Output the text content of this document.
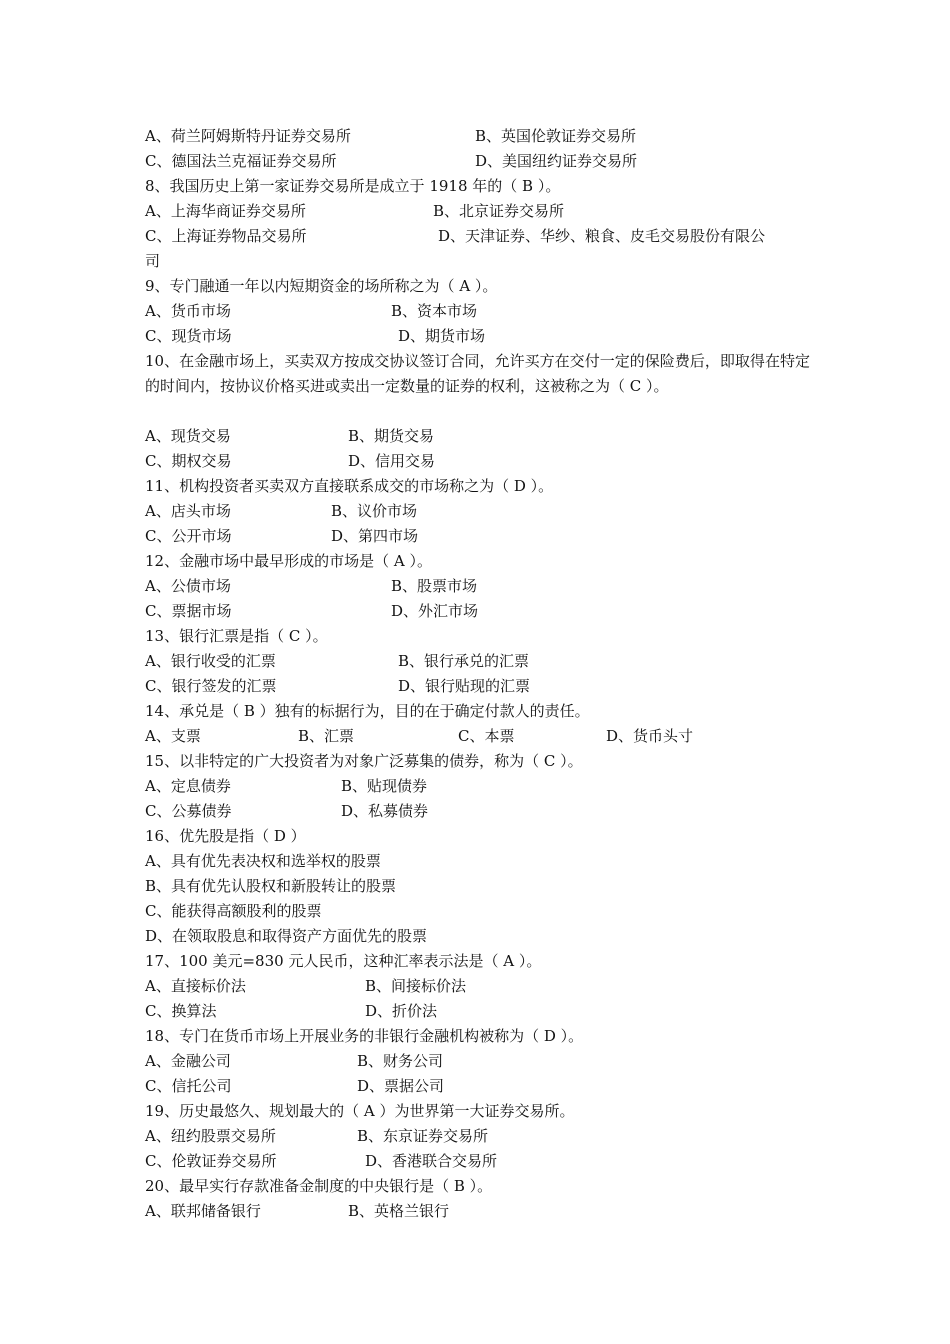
A、荷兰阿姆斯特丹证券交易所	B、英国伦敦证券交易所
C、德国法兰克福证券交易所	D、美国纽约证券交易所
8、我国历史上第一家证券交易所是成立于 1918 年的（ B ）。
A、上海华商证券交易所	B、北京证券交易所
C、上海证券物品交易所	D、天津证券、华纱、粮食、皮毛交易股份有限公
司
9、专门融通一年以内短期资金的场所称之为（ A ）。
A、货币市场	B、资本市场
C、现货市场	D、期货市场
10、在金融市场上，买卖双方按成交协议签订合同，允许买方在交付一定的保险费后，即取得在特定的时间内，按协议价格买进或卖出一定数量的证券的权利，这被称之为（ C ）。
A、现货交易	B、期货交易
C、期权交易	D、信用交易
11、机构投资者买卖双方直接联系成交的市场称之为（ D ）。
A、店头市场	B、议价市场
C、公开市场	D、第四市场
12、金融市场中最早形成的市场是（ A ）。
A、公债市场	B、股票市场
C、票据市场	D、外汇市场
13、银行汇票是指（ C ）。
A、银行收受的汇票	B、银行承兑的汇票
C、银行签发的汇票	D、银行贴现的汇票
14、承兑是（ B ）独有的标据行为，目的在于确定付款人的责任。
A、支票	B、汇票	C、本票	D、货币头寸
15、以非特定的广大投资者为对象广泛募集的债券，称为（ C ）。
A、定息债券	B、贴现债券
C、公募债券	D、私募债券
16、优先股是指（ D ）
A、具有优先表决权和选举权的股票
B、具有优先认股权和新股转让的股票
C、能获得高额股利的股票
D、在领取股息和取得资产方面优先的股票
17、100 美元=830 元人民币，这种汇率表示法是（ A ）。
A、直接标价法	B、间接标价法
C、换算法	D、折价法
18、专门在货币市场上开展业务的非银行金融机构被称为（ D ）。
A、金融公司	B、财务公司
C、信托公司	D、票据公司
19、历史最悠久、规划最大的（ A ）为世界第一大证券交易所。
A、纽约股票交易所	B、东京证券交易所
C、伦敦证券交易所	D、香港联合交易所
20、最早实行存款准备金制度的中央银行是（ B ）。
A、联邦储备银行	B、英格兰银行
